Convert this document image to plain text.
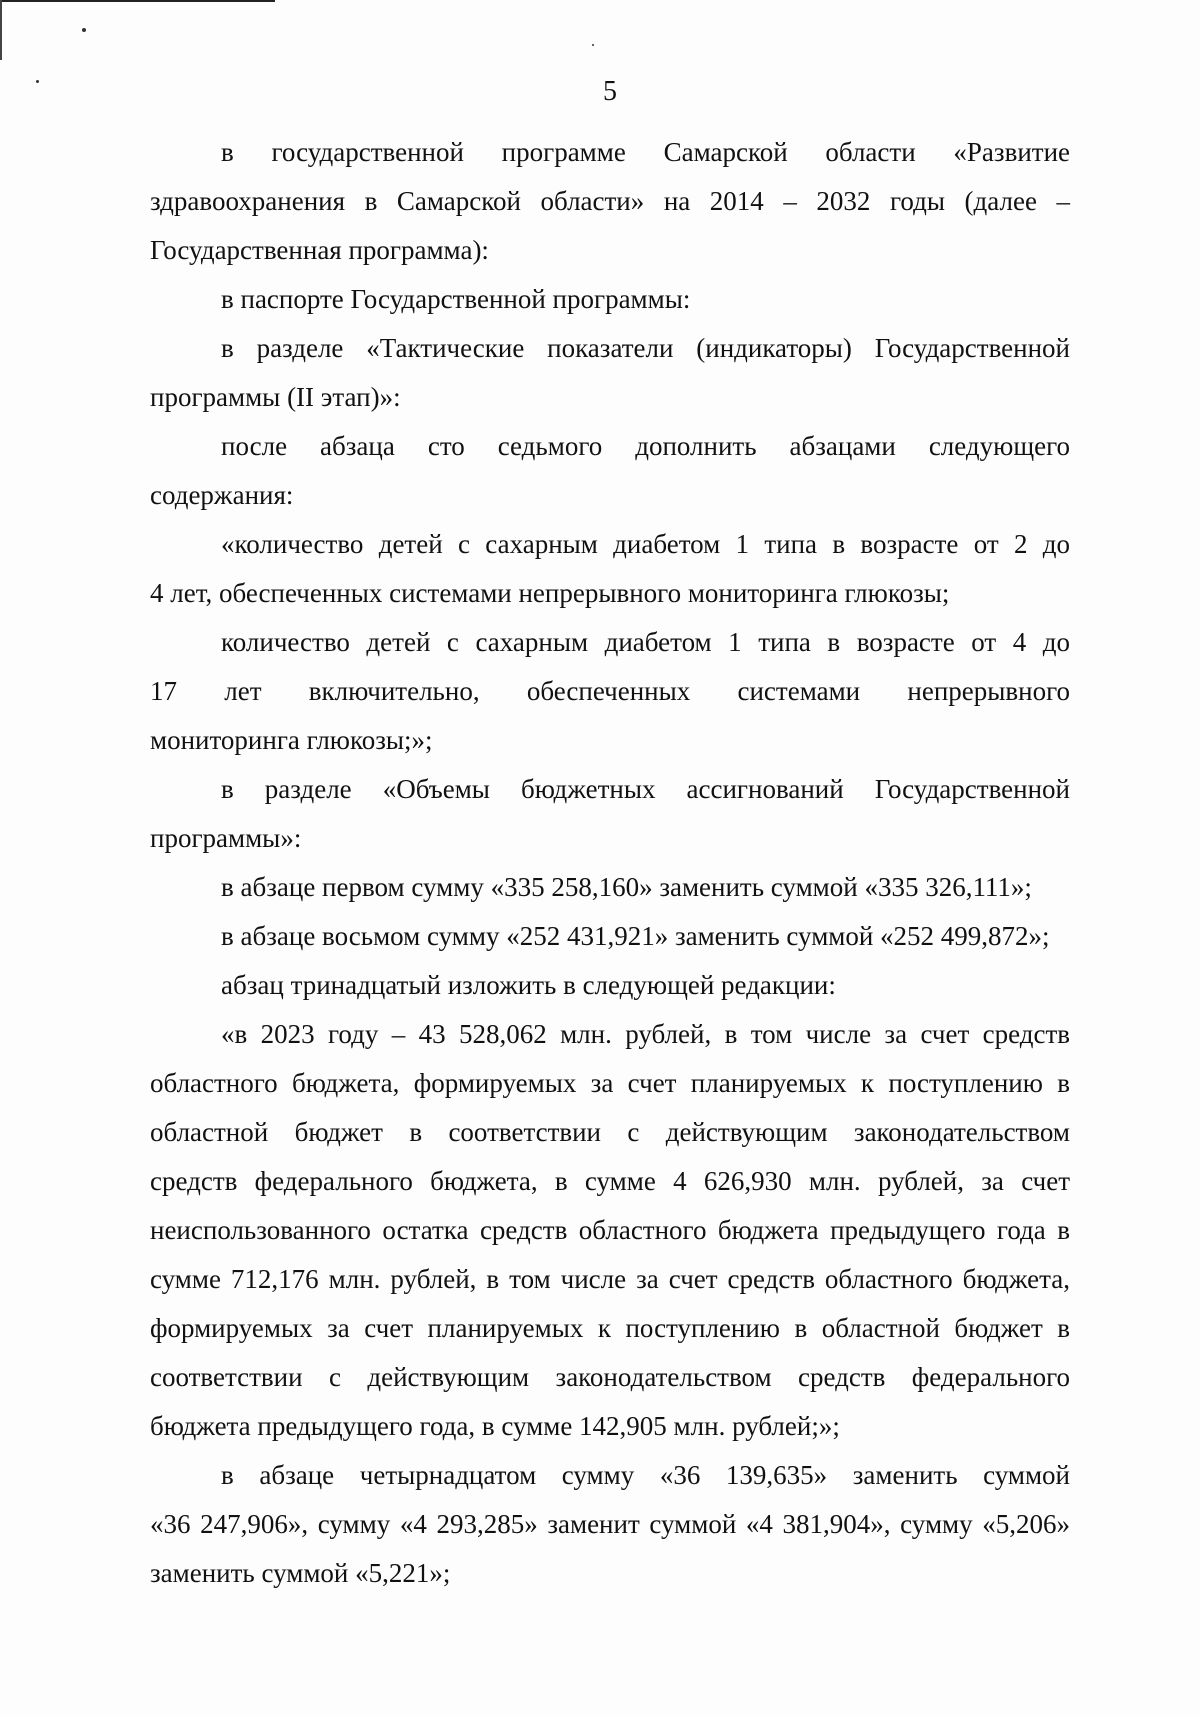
5
в государственной программе Самарской области «Развитие
здравоохранения в Самарской области» на 2014 – 2032 годы (далее –
Государственная программа):
в паспорте Государственной программы:
в разделе «Тактические показатели (индикаторы) Государственной
программы (II этап)»:
после абзаца сто седьмого дополнить абзацами следующего
содержания:
«количество детей с сахарным диабетом 1 типа в возрасте от 2 до
4 лет, обеспеченных системами непрерывного мониторинга глюкозы;
количество детей с сахарным диабетом 1 типа в возрасте от 4 до
17 лет включительно, обеспеченных системами непрерывного
мониторинга глюкозы;»;
в разделе «Объемы бюджетных ассигнований Государственной
программы»:
в абзаце первом сумму «335 258,160» заменить суммой «335 326,111»;
в абзаце восьмом сумму «252 431,921» заменить суммой «252 499,872»;
абзац тринадцатый изложить в следующей редакции:
«в 2023 году – 43 528,062 млн. рублей, в том числе за счет средств
областного бюджета, формируемых за счет планируемых к поступлению в
областной бюджет в соответствии с действующим законодательством
средств федерального бюджета, в сумме 4 626,930 млн. рублей, за счет
неиспользованного остатка средств областного бюджета предыдущего года в
сумме 712,176 млн. рублей, в том числе за счет средств областного бюджета,
формируемых за счет планируемых к поступлению в областной бюджет в
соответствии с действующим законодательством средств федерального
бюджета предыдущего года, в сумме 142,905 млн. рублей;»;
в абзаце четырнадцатом сумму «36 139,635» заменить суммой
«36 247,906», сумму «4 293,285» заменит суммой «4 381,904», сумму «5,206»
заменить суммой «5,221»;
